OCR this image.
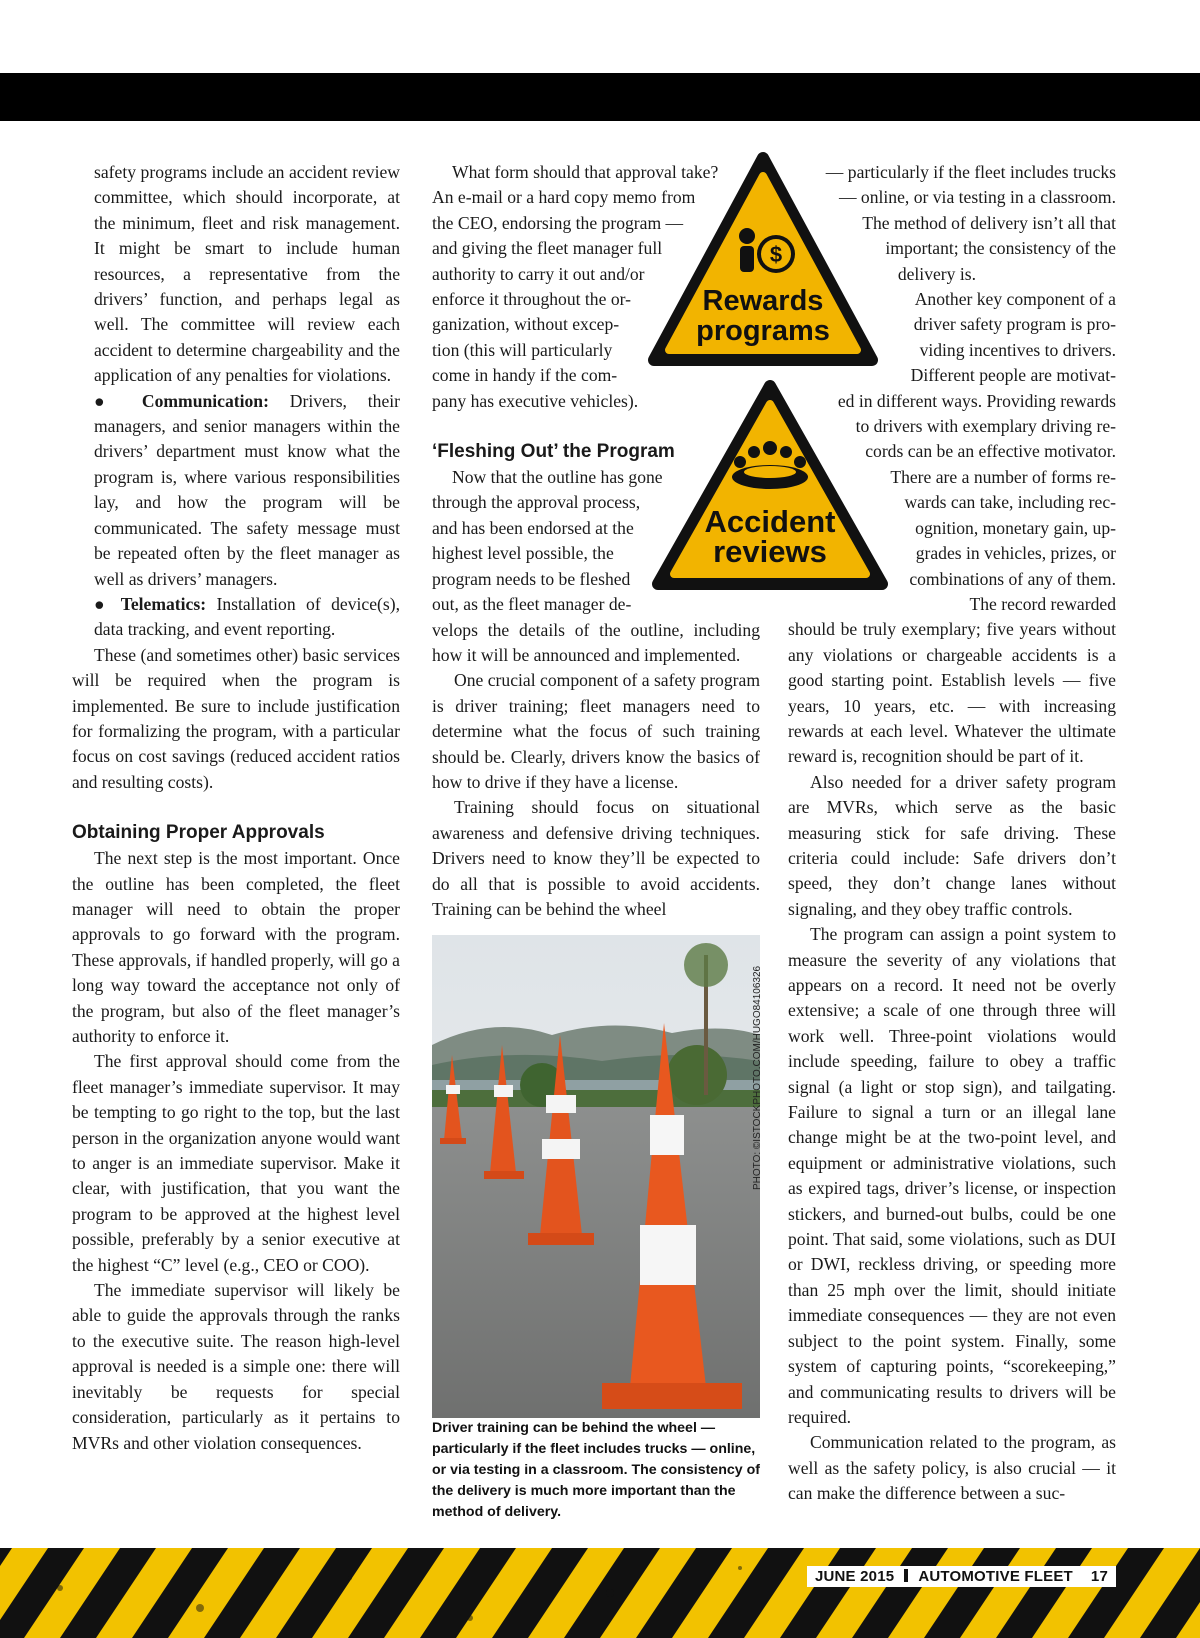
safety programs include an accident review committee, which should incorporate, at the minimum, fleet and risk management. It might be smart to include human resources, a representative from the drivers’ function, and perhaps legal as well. The committee will review each accident to determine chargeability and the application of any penalties for violations.

● Communication: Drivers, their managers, and senior managers within the drivers’ department must know what the program is, where various responsibilities lay, and how the program will be communicated. The safety message must be repeated often by the fleet manager as well as drivers’ managers.

● Telematics: Installation of device(s), data tracking, and event reporting.

These (and sometimes other) basic services will be required when the program is implemented. Be sure to include justification for formalizing the program, with a particular focus on cost savings (reduced accident ratios and resulting costs).

Obtaining Proper Approvals

The next step is the most important. Once the outline has been completed, the fleet manager will need to obtain the proper approvals to go forward with the program. These approvals, if handled properly, will go a long way toward the acceptance not only of the program, but also of the fleet manager’s authority to enforce it.

The first approval should come from the fleet manager’s immediate supervisor. It may be tempting to go right to the top, but the last person in the organization anyone would want to anger is an immediate supervisor. Make it clear, with justification, that you want the program to be approved at the highest level possible, preferably by a senior executive at the highest “C” level (e.g., CEO or COO).

The immediate supervisor will likely be able to guide the approvals through the ranks to the executive suite. The reason high-level approval is needed is a simple one: there will inevitably be requests for special consideration, particularly as it pertains to MVRs and other violation consequences.

What form should that approval take?
An e-mail or a hard copy memo from
the CEO, endorsing the program —
and giving the fleet manager full
authority to carry it out and/or
enforce it throughout the or-
ganization, without excep-
tion (this will particularly
come in handy if the com-
pany has executive vehicles).
‘Fleshing Out’ the Program
Now that the outline has gone
through the approval process,
and has been endorsed at the
highest level possible, the
program needs to be fleshed
out, as the fleet manager de-

velops the details of the outline, including how it will be announced and implemented.

One crucial component of a safety program is driver training; fleet managers need to determine what the focus of such training should be. Clearly, drivers know the basics of how to drive if they have a license.

Training should focus on situational awareness and defensive driving techniques. Drivers need to know they’ll be expected to do all that is possible to avoid accidents. Training can be behind the wheel

— particularly if the fleet includes trucks
— online, or via testing in a classroom.
The method of delivery isn’t all that
important; the consistency of the
delivery is.
Another key component of a
driver safety program is pro-
viding incentives to drivers.
Different people are motivat-
ed in different ways. Providing rewards
to drivers with exemplary driving re-
cords can be an effective motivator.
There are a number of forms re-
wards can take, including rec-
ognition, monetary gain, up-
grades in vehicles, prizes, or
combinations of any of them.
The record rewarded

should be truly exemplary; five years without any violations or chargeable accidents is a good starting point. Establish levels — five years, 10 years, etc. — with increasing rewards at each level. Whatever the ultimate reward is, recognition should be part of it.

Also needed for a driver safety program are MVRs, which serve as the basic measuring stick for safe driving. These criteria could include: Safe drivers don’t speed, they don’t change lanes without signaling, and they obey traffic controls.

The program can assign a point system to measure the severity of any violations that appears on a record. It need not be overly extensive; a scale of one through three will work well. Three-point violations would include speeding, failure to obey a traffic signal (a light or stop sign), and tailgating. Failure to signal a turn or an illegal lane change might be at the two-point level, and equipment or administrative violations, such as expired tags, driver’s license, or inspection stickers, and burned-out bulbs, could be one point. That said, some violations, such as DUI or DWI, reckless driving, or speeding more than 25 mph over the limit, should initiate immediate consequences — they are not even subject to the point system. Finally, some system of capturing points, “scorekeeping,” and communicating results to drivers will be required.

Communication related to the program, as well as the safety policy, is also crucial — it can make the difference between a suc-

$
Rewards
programs
Accident
reviews
PHOTO: ©ISTOCKPHOTO.COM/HUGO84106326
Driver training can be behind the wheel — particularly if the fleet includes trucks — online, or via testing in a classroom. The consistency of the delivery is much more important than the method of delivery.
JUNE 2015 AUTOMOTIVE FLEET 17
